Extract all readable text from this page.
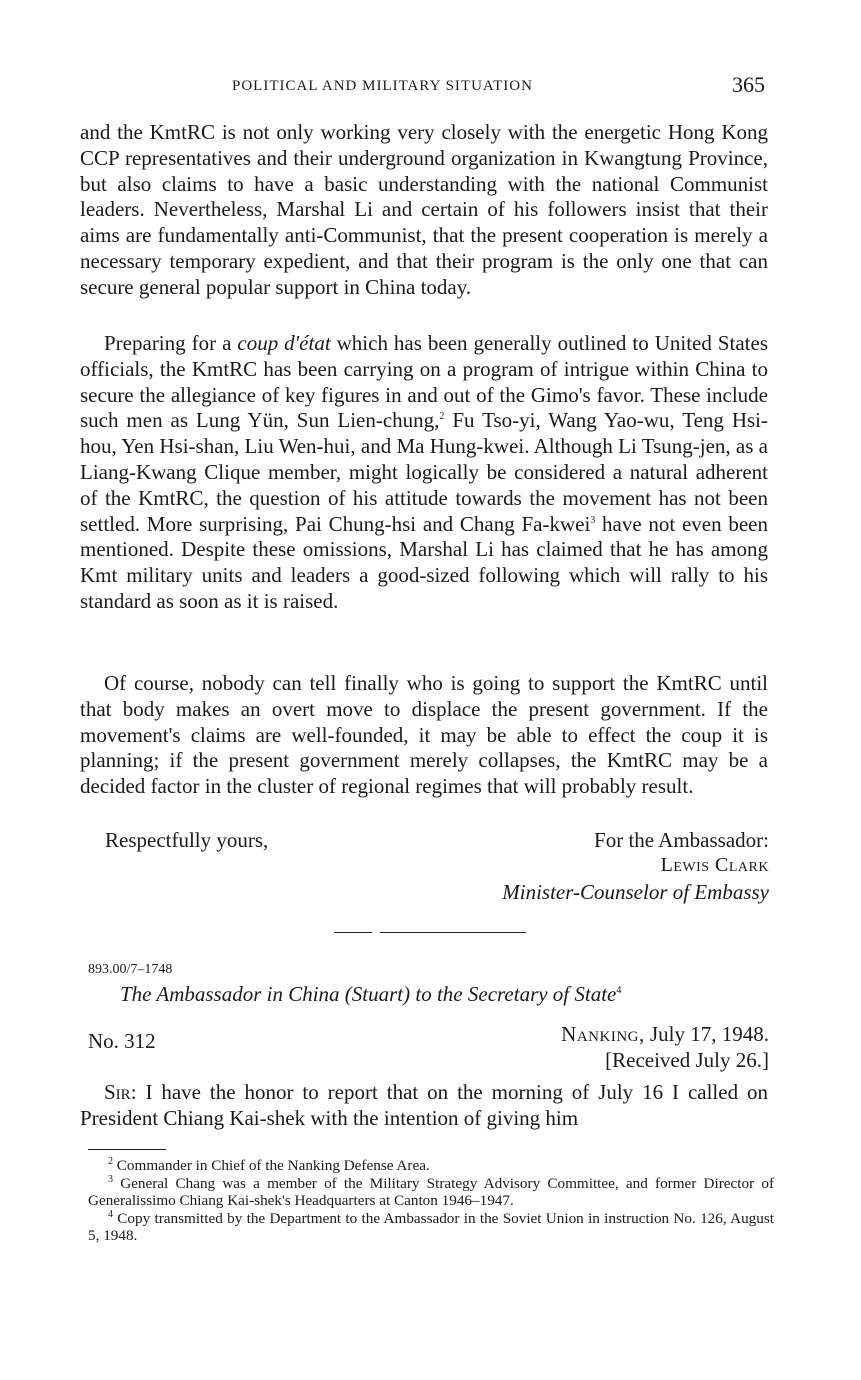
POLITICAL AND MILITARY SITUATION	365

and the KmtRC is not only working very closely with the energetic Hong Kong CCP representatives and their underground organization in Kwangtung Province, but also claims to have a basic understanding with the national Communist leaders. Nevertheless, Marshal Li and certain of his followers insist that their aims are fundamentally anti-Communist, that the present cooperation is merely a necessary temporary expedient, and that their program is the only one that can secure general popular support in China today.

Preparing for a coup d'état which has been generally outlined to United States officials, the KmtRC has been carrying on a program of intrigue within China to secure the allegiance of key figures in and out of the Gimo's favor. These include such men as Lung Yün, Sun Lien-chung,$^2$ Fu Tso-yi, Wang Yao-wu, Teng Hsi-hou, Yen Hsi-shan, Liu Wen-hui, and Ma Hung-kwei. Although Li Tsung-jen, as a Liang-Kwang Clique member, might logically be considered a natural adherent of the KmtRC, the question of his attitude towards the movement has not been settled. More surprising, Pai Chung-hsi and Chang Fa-kwei$^3$ have not even been mentioned. Despite these omissions, Marshal Li has claimed that he has among Kmt military units and leaders a good-sized following which will rally to his standard as soon as it is raised.

Of course, nobody can tell finally who is going to support the KmtRC until that body makes an overt move to displace the present government. If the movement's claims are well-founded, it may be able to effect the coup it is planning; if the present government merely collapses, the KmtRC may be a decided factor in the cluster of regional regimes that will probably result.

Respectfully yours,	For the Ambassador:
Lewis Clark
Minister-Counselor of Embassy
893.00/7–1748
The Ambassador in China (Stuart) to the Secretary of State$^4$
No. 312	Nanking, July 17, 1948.
[Received July 26.]

Sir: I have the honor to report that on the morning of July 16 I called on President Chiang Kai-shek with the intention of giving him

$^2$ Commander in Chief of the Nanking Defense Area.
$^3$ General Chang was a member of the Military Strategy Advisory Committee, and former Director of Generalissimo Chiang Kai-shek's Headquarters at Canton 1946–1947.
$^4$ Copy transmitted by the Department to the Ambassador in the Soviet Union in instruction No. 126, August 5, 1948.
